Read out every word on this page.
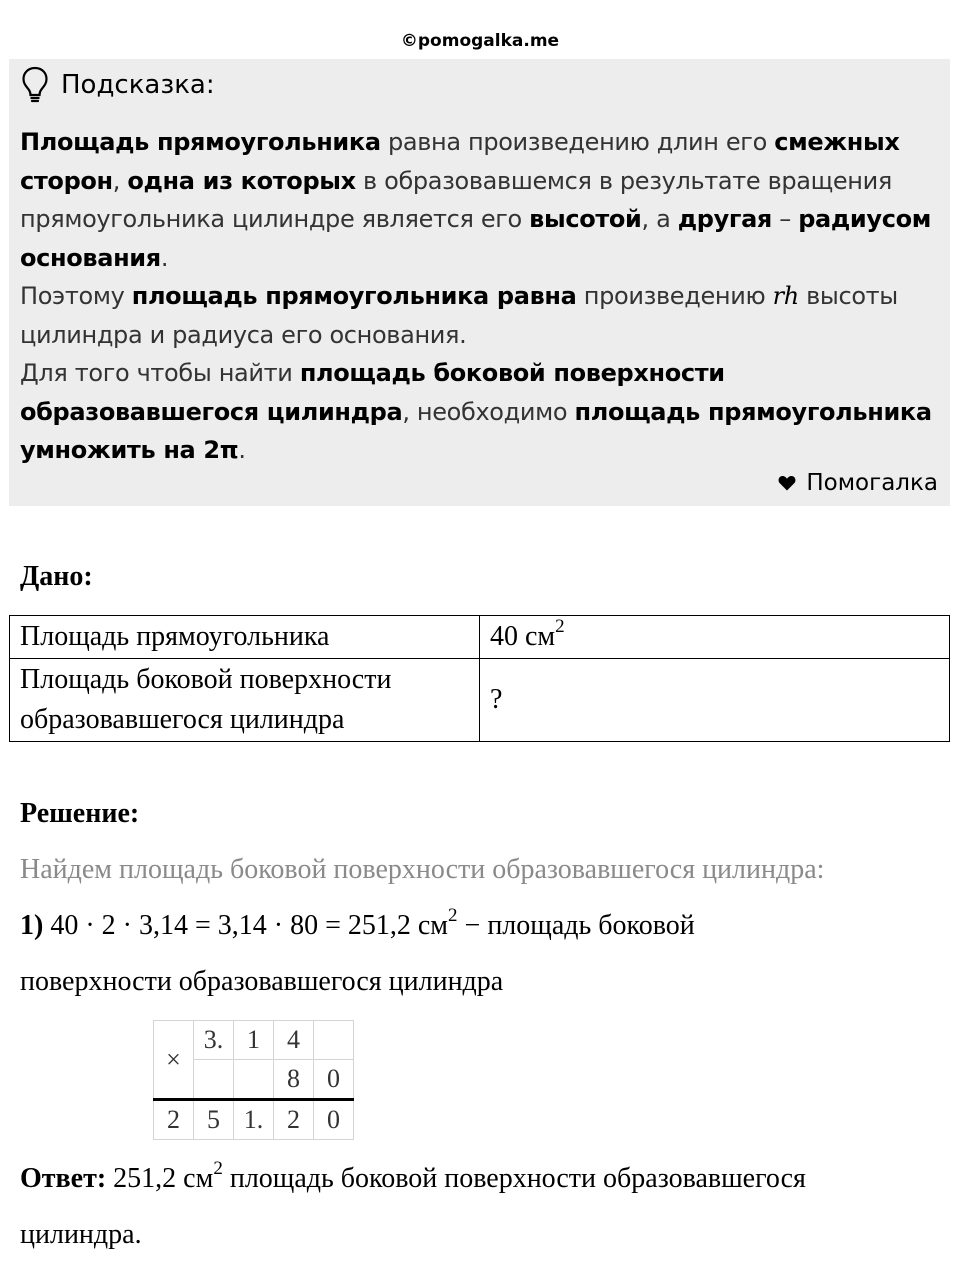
©pomogalka.me
Подсказка:

Площадь прямоугольника равна произведению длин его смежных сторон, одна из которых в образовавшемся в результате вращения прямоугольника цилиндре является его высотой, а другая – радиусом основания.

Поэтому площадь прямоугольника равна произведению rh высоты цилиндра и радиуса его основания.

Для того чтобы найти площадь боковой поверхности образовавшегося цилиндра, необходимо площадь прямоугольника умножить на 2π.

Помогалка
Дано:
Площадь прямоугольника	40 $см^2$
Площадь боковой поверхности
образовавшегося цилиндра	?
Решение:
Найдем площадь боковой поверхности образовавшегося цилиндра:
1) 40 · 2 · 3,14 = 3,14 · 80 = 251,2 $см^2$ − площадь боковой
поверхности образовавшегося цилиндра
×	3.	1	4	
			8	0
2	5	1.	2	0
Ответ: 251,2 $см^2$ площадь боковой поверхности образовавшегося
цилиндра.
